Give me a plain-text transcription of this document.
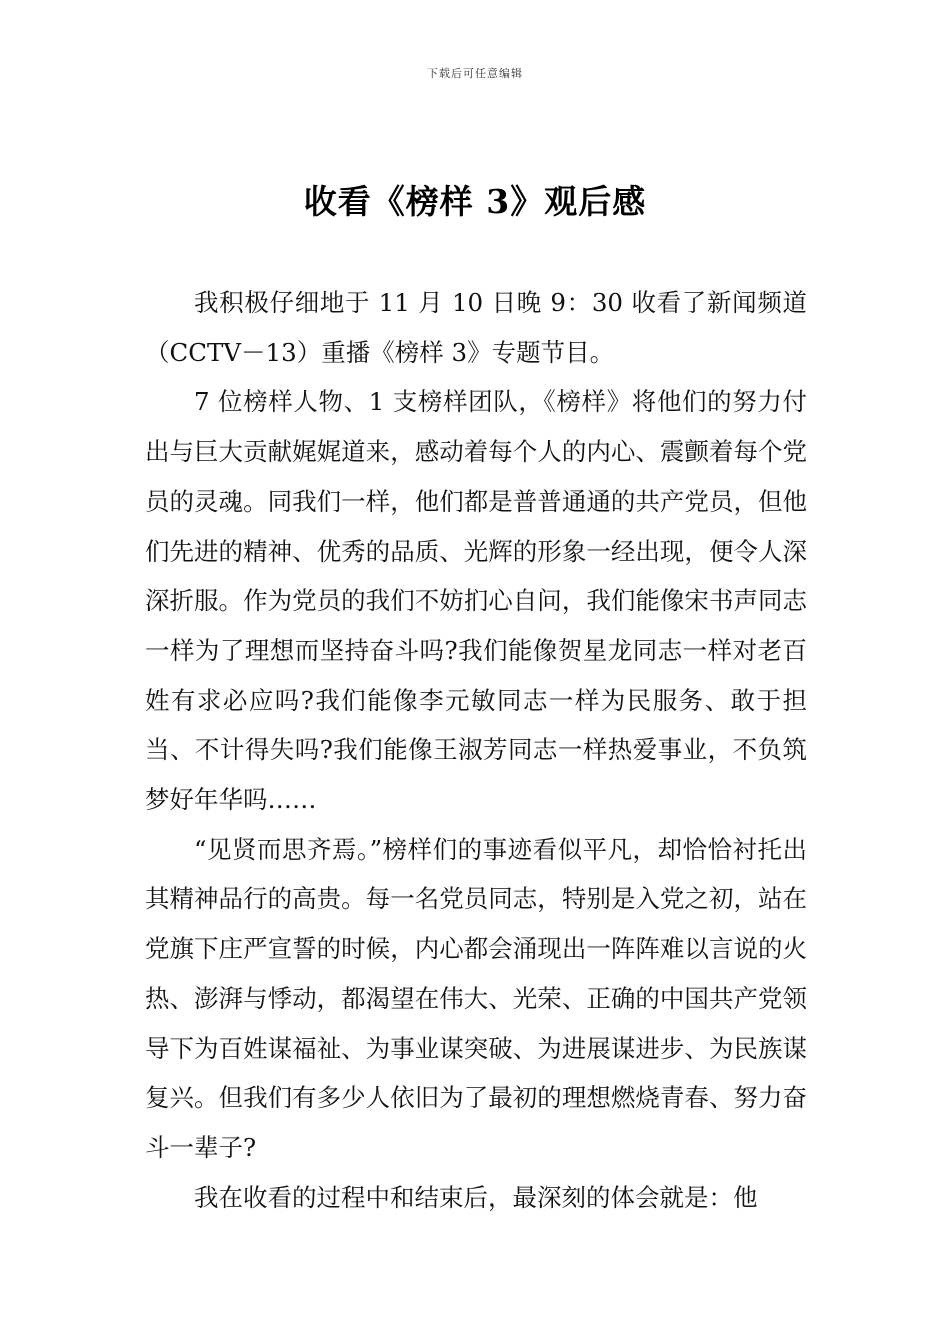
下载后可任意编辑
收看《榜样 3》观后感

我积极仔细地于 11 月 10 日晚 9：30 收看了新闻频道（CCTV－13）重播《榜样 3》专题节目。

7 位榜样人物、1 支榜样团队，《榜样》将他们的努力付出与巨大贡献娓娓道来，感动着每个人的内心、震颤着每个党员的灵魂。同我们一样，他们都是普普通通的共产党员，但他们先进的精神、优秀的品质、光辉的形象一经出现，便令人深深折服。作为党员的我们不妨扪心自问，我们能像宋书声同志一样为了理想而坚持奋斗吗?我们能像贺星龙同志一样对老百姓有求必应吗?我们能像李元敏同志一样为民服务、敢于担当、不计得失吗?我们能像王淑芳同志一样热爱事业，不负筑梦好年华吗……

“见贤而思齐焉。”榜样们的事迹看似平凡，却恰恰衬托出其精神品行的高贵。每一名党员同志，特别是入党之初，站在党旗下庄严宣誓的时候，内心都会涌现出一阵阵难以言说的火热、澎湃与悸动，都渴望在伟大、光荣、正确的中国共产党领导下为百姓谋福祉、为事业谋突破、为进展谋进步、为民族谋复兴。但我们有多少人依旧为了最初的理想燃烧青春、努力奋斗一辈子?

我在收看的过程中和结束后，最深刻的体会就是：他
